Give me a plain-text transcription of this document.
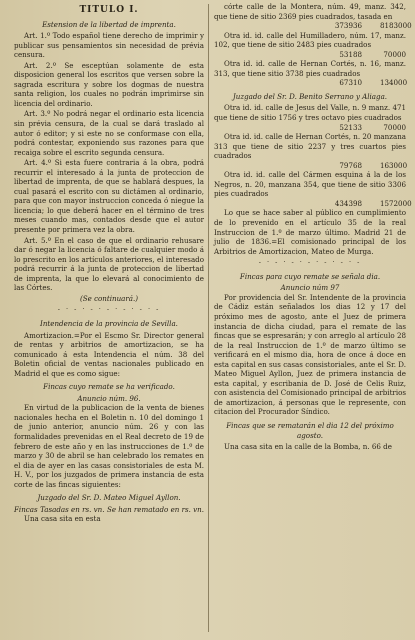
TITULO I.
Estension de la libertad de imprenta.

Art. 1.º Todo español tiene derecho de imprimir y publicar sus pensamientos sin necesidad de prévia censura.

Art. 2.º Se esceptúan solamente de esta disposicion general los escritos que versen sobre la sagrada escritura y sobre los dogmas de nuestra santa religion, los cuales no podrán imprimirse sin licencia del ordinario.

Art. 3.º No podrá negar el ordinario esta licencia sin prévia censura, de la cual se dará traslado al autor ó editor; y si este no se conformase con ella, podrá contestar, exponiendo sus razones para que recaiga sobre el escrito segunda censura.

Art. 4.º Si esta fuere contraria á la obra, podrá recurrir el interesado á la junta de proteccion de libertad de imprenta, de que se hablará despues, la cual pasará el escrito con su dictámen al ordinario, para que con mayor instruccion conceda ó niegue la licencia; lo que deberá hacer en el término de tres meses cuando mas, contados desde que el autor presente por primera vez la obra.

Art. 5.º En el caso de que el ordinario rehusare dar ó negar la licencia ó faltare de cualquier modo á lo prescrito en los artículos anteriores, el interesado podrá recurrir á la junta de proteccion de libertad de imprenta, la que lo elevará al conocimiento de las Córtes.

(Se continuará.)
- · - · - · - · - · - · -
Intendencia de la provincia de Sevilla.

Amortizacion.=Por el Escmo Sr. Director general de rentas y arbitrios de amortizacion, se ha comunicado á esta Intendencia el núm. 38 del Boletin oficial de ventas nacionales publicado en Madrid el que es como sigue:

Fincas cuyo remate se ha verificado.
Anuncio núm. 96.

En virtud de la publicacion de la venta de bienes nacionales hecha en el Boletin n. 10 del domingo 1 de junio anterior, anuncio núm. 26 y con las formalidades prevenidas en el Real decreto de 19 de febrero de este año y en las instrucciones de 1.º de marzo y 30 de abril se han celebrado los remates en el dia de ayer en las casas consistoriales de esta M. H. V., por los juzgados de primera instancia de esta corte de las fincas siguientes:

Juzgado del Sr. D. Mateo Miguel Ayllon.
Fincas Tasadas en rs. vn. Se han rematado en rs. vn.

Una casa sita en esta

córte calle de la Montera, núm. 49, manz. 342, que tiene de sitio 2369 pies cuadrados, tasada en
373936	8183000
Otra id. id. calle del Humilladero, núm. 17, manz. 102, que tiene de sitio 2483 pies cuadrados
53188	70000
Otra id. id. calle de Hernan Cortés, n. 16, manz. 313, que tiene sitio 3738 pies cuadrados
67310	134000
Juzgado del Sr. D. Benito Serrano y Aliaga.
Otra id. id. calle de Jesus del Valle, n. 9 manz. 471 que tiene de sitio 1756 y tres octavo pies cuadrados
52133	70000
Otra id. id. calle de Hernan Cortés, n. 20 manzana 313 que tiene de sitio 2237 y tres cuartos pies cuadrados
79768	163000
Otra id. id. calle del Cármen esquina á la de los Negros, n. 20, manzana 354, que tiene de sitio 3306 pies cuadrados
434398	1572000

Lo que se hace saber al público en cumplimiento de lo prevenido en el artículo 35 de la real Instruccion de 1.º de marzo último. Madrid 21 de julio de 1836.=El comisionado principal de los Arbitrios de Amortizacion, Mateo de Murga.

- · - · - · - · - · - · -
Fincas para cuyo remate se señala dia.
Anuncio núm 97

Por providencia del Sr. Intendente de la provincia de Cádiz están señalados los dias 12 y 17 del próximo mes de agosto, ante el Juez de primera instancia de dicha ciudad, para el remate de las fincas que se espresarán; y con arreglo al artículo 28 de la real Instruccion de 1.º de marzo último se verificará en el mismo dia, hora de once á doce en esta capital en sus casas consistoriales, ante el Sr. D. Mateo Miguel Ayllon, Juez de primera instancia de esta capital, y escribania de D. José de Celis Ruiz, con asistencia del Comisionado principal de arbitrios de amortizacion, á personas que le represente, con citacion del Procurador Síndico.

Fincas que se rematarán el dia 12 del próximo agosto.

Una casa sita en la calle de la Bomba, n. 66 de
